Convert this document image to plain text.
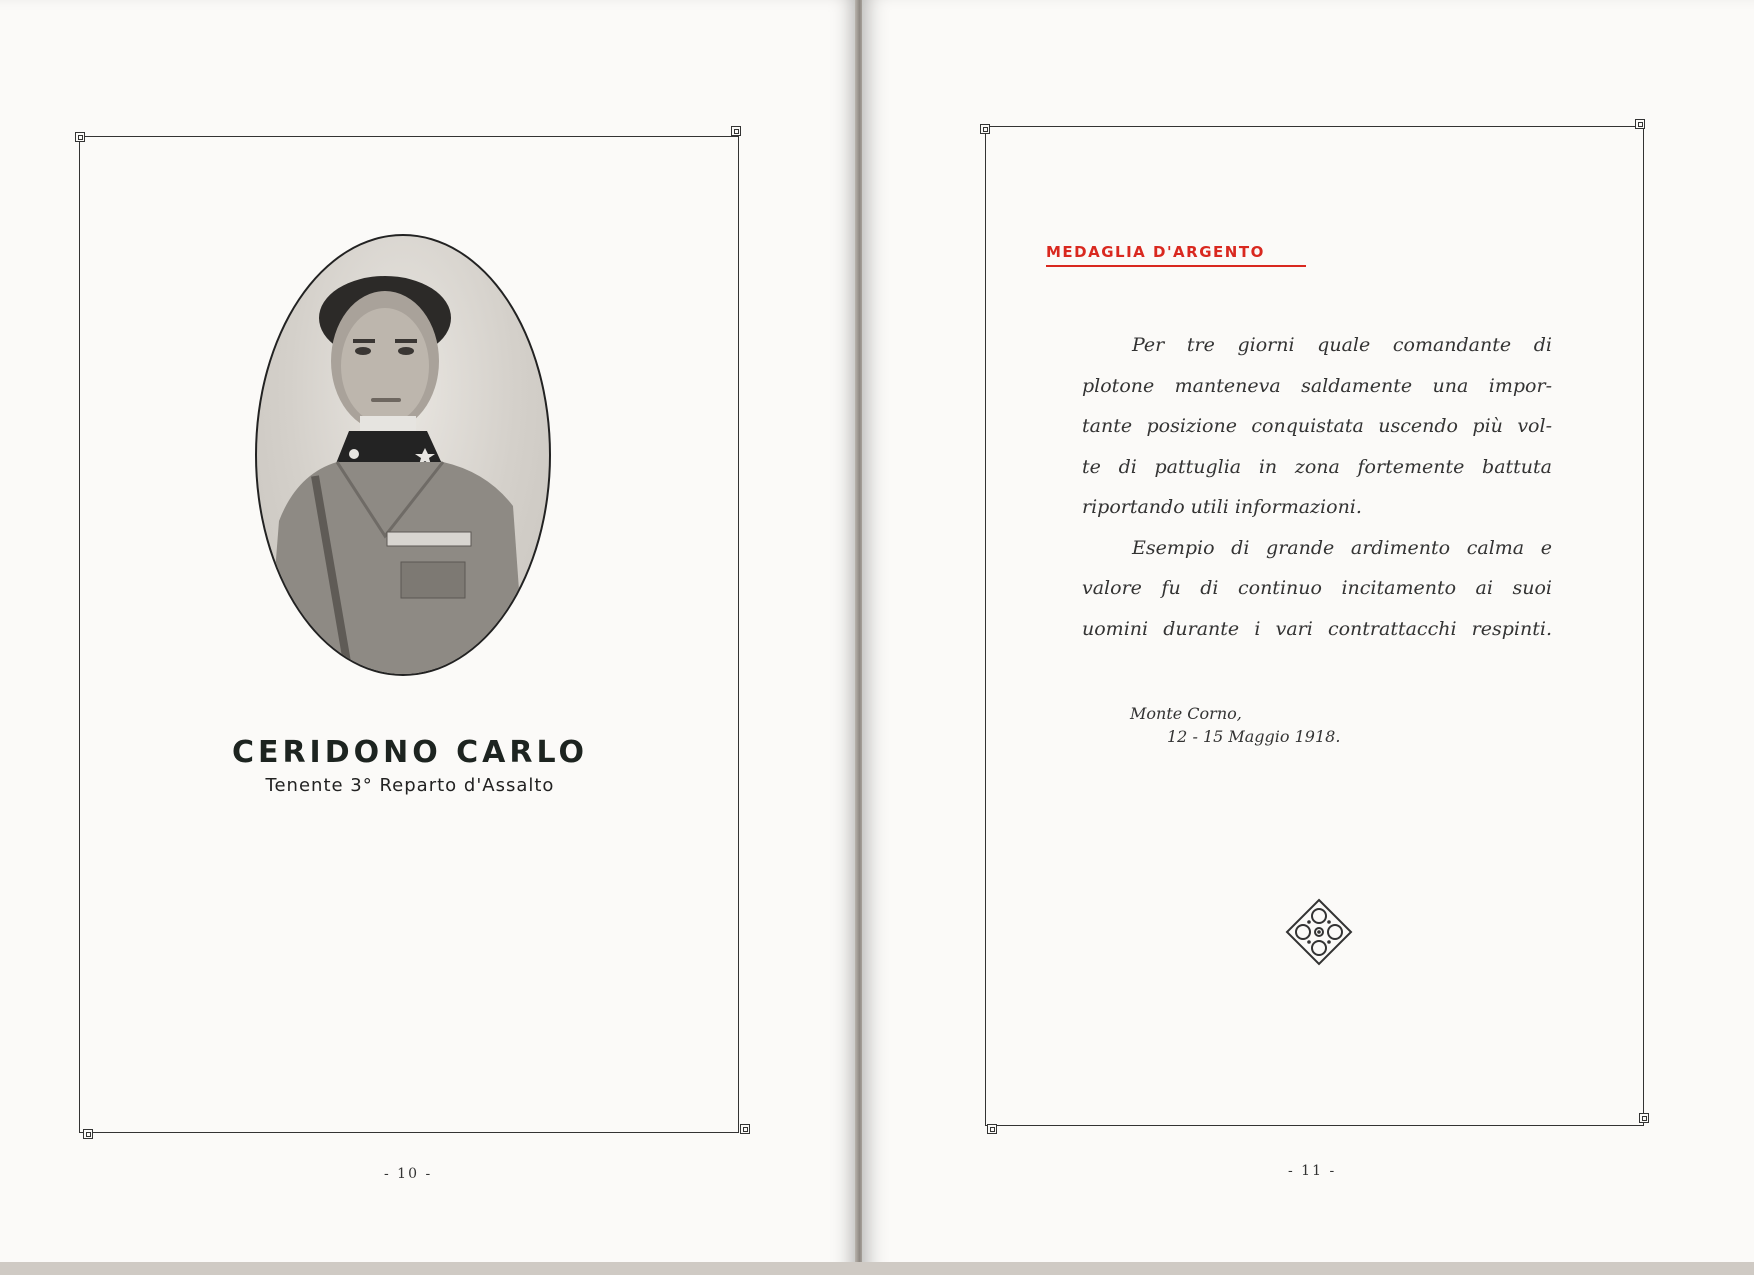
CERIDONO CARLO
Tenente 3° Reparto d'Assalto
- 10 -
MEDAGLIA D'ARGENTO
Per tre giorni quale comandante di
plotone manteneva saldamente una impor-
tante posizione conquistata uscendo più vol-
te di pattuglia in zona fortemente battuta
riportando utili informazioni.
Esempio di grande ardimento calma e
valore fu di continuo incitamento ai suoi
uomini durante i vari contrattacchi respinti.
Monte Corno,
12 - 15 Maggio 1918.
- 11 -
